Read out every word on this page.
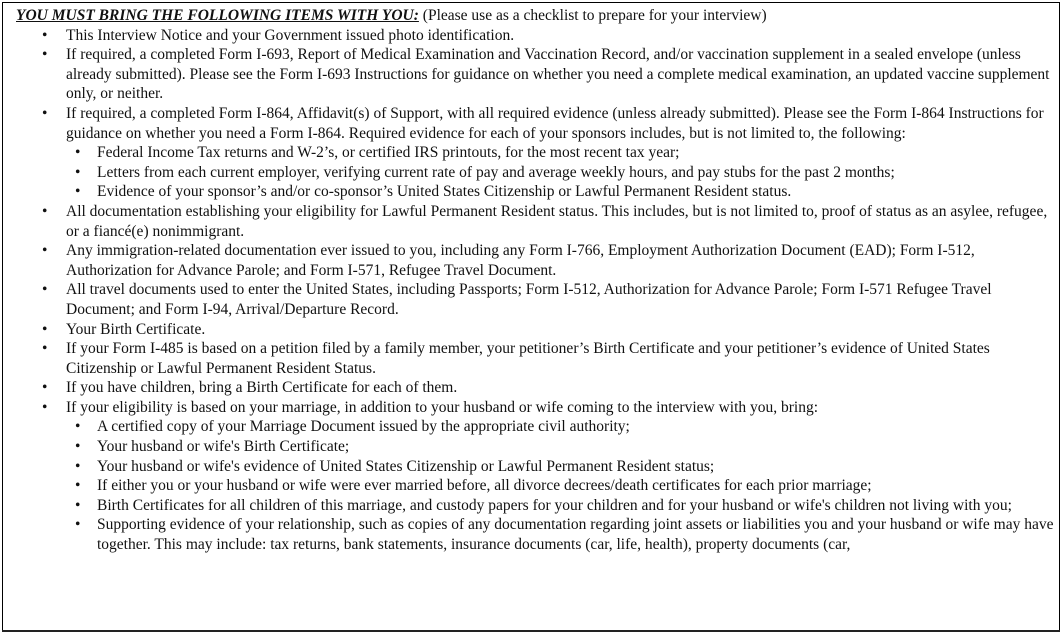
YOU MUST BRING THE FOLLOWING ITEMS WITH YOU: (Please use as a checklist to prepare for your interview)

• This Interview Notice and your Government issued photo identification.
• If required, a completed Form I-693, Report of Medical Examination and Vaccination Record, and/or vaccination supplement in a sealed envelope (unless already submitted). Please see the Form I-693 Instructions for guidance on whether you need a complete medical examination, an updated vaccine supplement only, or neither.
• If required, a completed Form I-864, Affidavit(s) of Support, with all required evidence (unless already submitted). Please see the Form I-864 Instructions for guidance on whether you need a Form I-864. Required evidence for each of your sponsors includes, but is not limited to, the following:
• Federal Income Tax returns and W-2’s, or certified IRS printouts, for the most recent tax year;
• Letters from each current employer, verifying current rate of pay and average weekly hours, and pay stubs for the past 2 months;
• Evidence of your sponsor’s and/or co-sponsor’s United States Citizenship or Lawful Permanent Resident status.
• All documentation establishing your eligibility for Lawful Permanent Resident status. This includes, but is not limited to, proof of status as an asylee, refugee, or a fiancé(e) nonimmigrant.
• Any immigration-related documentation ever issued to you, including any Form I-766, Employment Authorization Document (EAD); Form I-512, Authorization for Advance Parole; and Form I-571, Refugee Travel Document.
• All travel documents used to enter the United States, including Passports; Form I-512, Authorization for Advance Parole; Form I-571 Refugee Travel Document; and Form I-94, Arrival/Departure Record.
• Your Birth Certificate.
• If your Form I-485 is based on a petition filed by a family member, your petitioner’s Birth Certificate and your petitioner’s evidence of United States Citizenship or Lawful Permanent Resident Status.
• If you have children, bring a Birth Certificate for each of them.
• If your eligibility is based on your marriage, in addition to your husband or wife coming to the interview with you, bring:
• A certified copy of your Marriage Document issued by the appropriate civil authority;
• Your husband or wife's Birth Certificate;
• Your husband or wife's evidence of United States Citizenship or Lawful Permanent Resident status;
• If either you or your husband or wife were ever married before, all divorce decrees/death certificates for each prior marriage;
• Birth Certificates for all children of this marriage, and custody papers for your children and for your husband or wife's children not living with you;
• Supporting evidence of your relationship, such as copies of any documentation regarding joint assets or liabilities you and your husband or wife may have together. This may include: tax returns, bank statements, insurance documents (car, life, health), property documents (car,
